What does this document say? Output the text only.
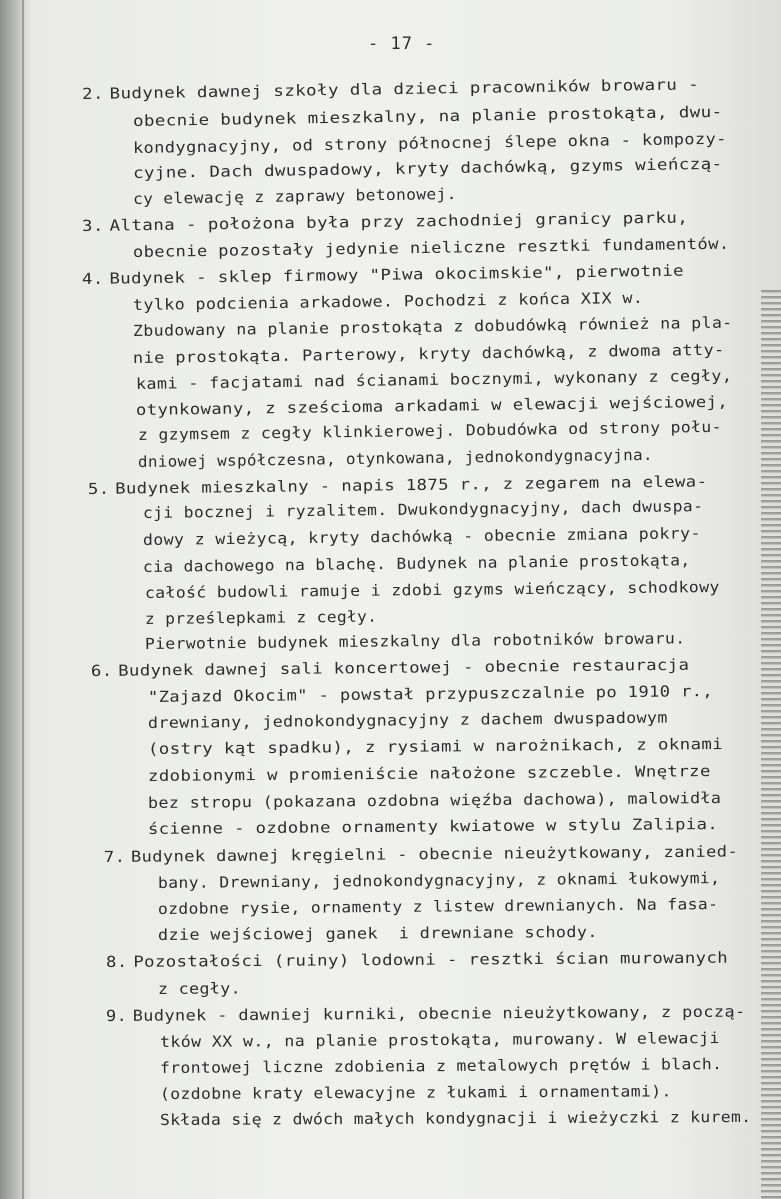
- 17 -
2. Budynek dawnej szkoły dla dzieci pracowników browaru -
obecnie budynek mieszkalny, na planie prostokąta, dwu-
kondygnacyjny, od strony północnej ślepe okna - kompozy-
cyjne. Dach dwuspadowy, kryty dachówką, gzyms wieńczą-
cy elewację z zaprawy betonowej.
3. Altana - położona była przy zachodniej granicy parku,
obecnie pozostały jedynie nieliczne resztki fundamentów.
4. Budynek - sklep firmowy "Piwa okocimskie", pierwotnie
tylko podcienia arkadowe. Pochodzi z końca XIX w.
Zbudowany na planie prostokąta z dobudówką również na pla-
nie prostokąta. Parterowy, kryty dachówką, z dwoma atty-
kami - facjatami nad ścianami bocznymi, wykonany z cegły,
otynkowany, z sześcioma arkadami w elewacji wejściowej,
z gzymsem z cegły klinkierowej. Dobudówka od strony połu-
dniowej współczesna, otynkowana, jednokondygnacyjna.
5. Budynek mieszkalny - napis 1875 r., z zegarem na elewa-
cji bocznej i ryzalitem. Dwukondygnacyjny, dach dwuspa-
dowy z wieżycą, kryty dachówką - obecnie zmiana pokry-
cia dachowego na blachę. Budynek na planie prostokąta,
całość budowli ramuje i zdobi gzyms wieńczący, schodkowy
z prześlepkami z cegły.
Pierwotnie budynek mieszkalny dla robotników browaru.
6. Budynek dawnej sali koncertowej - obecnie restauracja
"Zajazd Okocim" - powstał przypuszczalnie po 1910 r.,
drewniany, jednokondygnacyjny z dachem dwuspadowym
(ostry kąt spadku), z rysiami w narożnikach, z oknami
zdobionymi w promieniście nałożone szczeble. Wnętrze
bez stropu (pokazana ozdobna więźba dachowa), malowidła
ścienne - ozdobne ornamenty kwiatowe w stylu Zalipia.
7. Budynek dawnej kręgielni - obecnie nieużytkowany, zanied-
bany. Drewniany, jednokondygnacyjny, z oknami łukowymi,
ozdobne rysie, ornamenty z listew drewnianych. Na fasa-
dzie wejściowej ganek  i drewniane schody.
8. Pozostałości (ruiny) lodowni - resztki ścian murowanych
z cegły.
9. Budynek - dawniej kurniki, obecnie nieużytkowany, z począ-
tków XX w., na planie prostokąta, murowany. W elewacji
frontowej liczne zdobienia z metalowych prętów i blach.
(ozdobne kraty elewacyjne z łukami i ornamentami).
Składa się z dwóch małych kondygnacji i wieżyczki z kurem.
